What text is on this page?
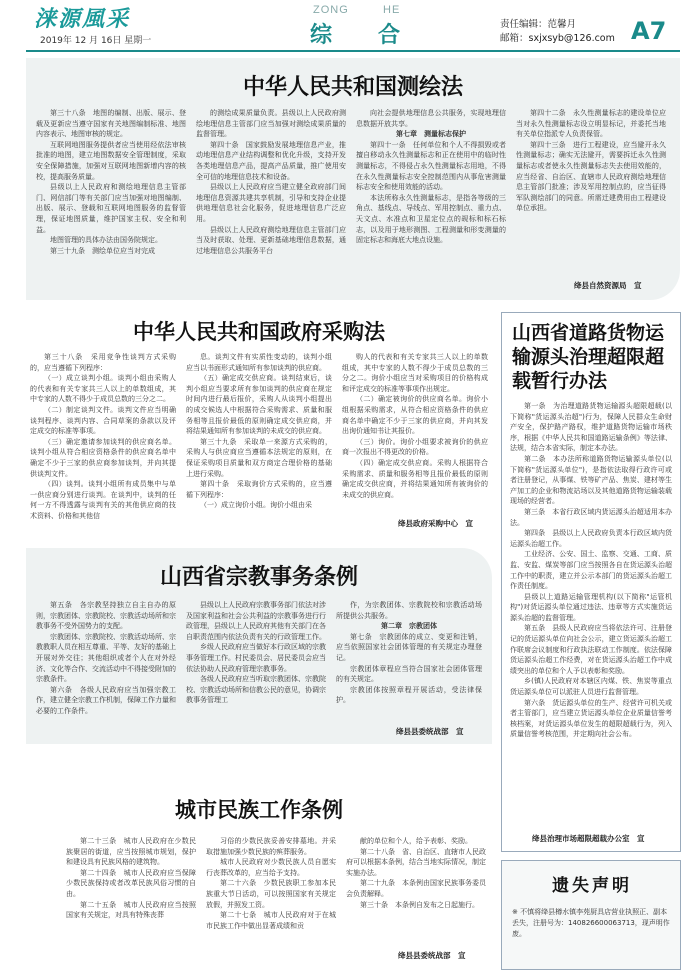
涞源風采
2019年 12 月 16日 星期一
ZONG	HE
综 合	责任编辑：范馨月
邮箱：sxjxsyb@126.com A7
中华人民共和国测绘法

第三十八条　地图的编制、出版、展示、登载及更新应当遵守国家有关地图编制标准、地图内容表示、地图审核的规定。

互联网地图服务提供者应当使用经依法审核批准的地图，建立地图数据安全管理制度，采取安全保障措施，加强对互联网地图新增内容的核校，提高服务质量。

县级以上人民政府和测绘地理信息主管部门、网信部门等有关部门应当加强对地图编制、出版、展示、登载和互联网地图服务的监督管理，保证地图质量，维护国家主权、安全和利益。

地图管理的具体办法由国务院规定。

第三十九条　测绘单位应当对完成

的测绘成果质量负责。县级以上人民政府测绘地理信息主管部门应当加强对测绘成果质量的监督管理。

第四十条　国家鼓励发展地理信息产业，推动地理信息产业结构调整和优化升级，支持开发各类地理信息产品，提高产品质量，推广使用安全可信的地理信息技术和设备。

县级以上人民政府应当建立健全政府部门间地理信息资源共建共享机制，引导和支持企业提供地理信息社会化服务，促进地理信息广泛应用。

县级以上人民政府测绘地理信息主管部门应当及时获取、处理、更新基础地理信息数据，通过地理信息公共服务平台

向社会提供地理信息公共服务，实现地理信息数据开放共享。

第七章　测量标志保护

第四十一条　任何单位和个人不得损毁或者擅自移动永久性测量标志和正在使用中的临时性测量标志，不得侵占永久性测量标志用地，不得在永久性测量标志安全控制范围内从事危害测量标志安全和使用效能的活动。

本法所称永久性测量标志，是指各等级的三角点、基线点、导线点、军用控制点、重力点、天文点、水准点和卫星定位点的觇标和标石标志，以及用于地形测图、工程测量和形变测量的固定标志和海底大地点设施。

第四十二条　永久性测量标志的建设单位应当对永久性测量标志设立明显标记，并委托当地有关单位指派专人负责保管。

第四十三条　进行工程建设，应当避开永久性测量标志；确实无法避开，需要拆迁永久性测量标志或者使永久性测量标志失去使用效能的，应当经省、自治区、直辖市人民政府测绘地理信息主管部门批准；涉及军用控制点的，应当征得军队测绘部门的同意。所需迁建费用由工程建设单位承担。

绛县自然资源局　宣
中华人民共和国政府采购法

第三十八条　采用竞争性谈判方式采购的，应当遵循下列程序：

（一）成立谈判小组。谈判小组由采购人的代表和有关专家共三人以上的单数组成，其中专家的人数不得少于成员总数的三分之二。

（二）制定谈判文件。谈判文件应当明确谈判程序、谈判内容、合同草案的条款以及评定成交的标准等事项。

（三）确定邀请参加谈判的供应商名单。谈判小组从符合相应资格条件的供应商名单中确定不少于三家的供应商参加谈判，并向其提供谈判文件。

（四）谈判。谈判小组所有成员集中与单一供应商分别进行谈判。在谈判中，谈判的任何一方不得透露与谈判有关的其他供应商的技术资料、价格和其他信

息。谈判文件有实质性变动的，谈判小组应当以书面形式通知所有参加谈判的供应商。

（五）确定成交供应商。谈判结束后，谈判小组应当要求所有参加谈判的供应商在规定时间内进行最后报价，采购人从谈判小组提出的成交候选人中根据符合采购需求、质量和服务相等且报价最低的原则确定成交供应商，并将结果通知所有参加谈判的未成交的供应商。

第三十九条　采取单一来源方式采购的，采购人与供应商应当遵循本法规定的原则，在保证采购项目质量和双方商定合理价格的基础上进行采购。

第四十条　采取询价方式采购的，应当遵循下列程序：

（一）成立询价小组。询价小组由采

购人的代表和有关专家共三人以上的单数组成，其中专家的人数不得少于成员总数的三分之二。询价小组应当对采购项目的价格构成和评定成交的标准等事项作出规定。

（二）确定被询价的供应商名单。询价小组根据采购需求，从符合相应资格条件的供应商名单中确定不少于三家的供应商，并向其发出询价通知书让其报价。

（三）询价。询价小组要求被询价的供应商一次报出不得更改的价格。

（四）确定成交供应商。采购人根据符合采购需求、质量和服务相等且报价最低的原则确定成交供应商，并将结果通知所有被询价的未成交的供应商。

绛县政府采购中心　宣
山西省宗教事务条例

第五条　各宗教坚持独立自主自办的原则，宗教团体、宗教院校、宗教活动场所和宗教事务不受外国势力的支配。

宗教团体、宗教院校、宗教活动场所、宗教教职人员在相互尊重、平等、友好的基础上开展对外交往；其他组织或者个人在对外经济、文化等合作、交流活动中不得接受附加的宗教条件。

第六条　各级人民政府应当加强宗教工作，建立健全宗教工作机制，保障工作力量和必要的工作条件。

县级以上人民政府宗教事务部门依法对涉及国家利益和社会公共利益的宗教事务进行行政管理，县级以上人民政府其他有关部门在各自职责范围内依法负责有关的行政管理工作。

乡级人民政府应当做好本行政区域的宗教事务管理工作。村民委员会、居民委员会应当依法协助人民政府管理宗教事务。

各级人民政府应当听取宗教团体、宗教院校、宗教活动场所和信教公民的意见，协调宗教事务管理工

作，为宗教团体、宗教院校和宗教活动场所提供公共服务。

第二章　宗教团体

第七条　宗教团体的成立、变更和注销，应当依照国家社会团体管理的有关规定办理登记。

宗教团体章程应当符合国家社会团体管理的有关规定。

宗教团体按照章程开展活动，受法律保护。

绛县县委统战部　宣
城市民族工作条例

第二十三条　城市人民政府在少数民族聚居的街道，应当按照城市规划，保护和建设具有民族风格的建筑物。

第二十四条　城市人民政府应当保障少数民族保持或者改革民族风俗习惯的自由。

第二十五条　城市人民政府应当按照国家有关规定，对具有特殊丧葬

习俗的少数民族妥善安排墓地。并采取措施加强少数民族的殡葬服务。

城市人民政府对少数民族人员自愿实行丧葬改革的，应当给予支持。

第二十六条　少数民族职工参加本民族重大节日活动，可以按照国家有关规定放假，并照发工资。

第二十七条　城市人民政府对于在城市民族工作中做出显著成绩和贡

献的单位和个人，给予表彰、奖励。

第二十八条　省、自治区、直辖市人民政府可以根据本条例，结合当地实际情况，制定实施办法。

第二十九条　本条例由国家民族事务委员会负责解释。

第三十条　本条例自发布之日起施行。

绛县县委统战部　宣
山西省道路货物运输源头治理超限超载暂行办法

第一条　为治理道路货物运输源头超限超载(以下简称"货运源头治超")行为，保障人民群众生命财产安全，保护路产路权，维护道路货物运输市场秩序，根据《中华人民共和国道路运输条例》等法律、法规，结合本省实际，制定本办法。

第二条　本办法所称道路货物运输源头单位(以下简称"货运源头单位")，是指依法取得行政许可或者注册登记，从事煤、铁等矿产品、焦炭、建材等生产加工的企业和物流站场以及其他道路货物运输装载现场的经营者。

第三条　本省行政区域内货运源头治超适用本办法。

第四条　县级以上人民政府负责本行政区域内货运源头治超工作。

工业经济、公安、国土、监察、交通、工商、质监、安监、煤炭等部门应当按照各自在货运源头治超工作中的职责，建立并公示本部门的货运源头治超工作责任制度。

县级以上道路运输管理机构(以下简称"运管机构")对货运源头单位通过违法、违章等方式实施货运源头治超的监督管理。

第五条　县级人民政府应当将依法许可、注册登记的货运源头单位向社会公示，建立货运源头治超工作联席会议制度和行政执法联动工作制度。依法保障货运源头治超工作经费，对在货运源头治超工作中成绩突出的单位和个人予以表彰和奖励。

乡(镇)人民政府对本辖区内煤、铁、焦炭等重点货运源头单位可以派驻人员进行监督管理。

第六条　货运源头单位的生产、经营许可机关或者主管部门，应当建立货运源头单位企业质量信誉考核档案，对货运源头单位发生的超限超载行为，列入质量信誉考核范围，并定期向社会公布。

绛县治理市场超限超载办公室　宣
遗失声明
※ 不慎将绛县樽水镇李苑厨具店营业执照正、副本丢失，注册号为：140826600063713，现声明作废。
